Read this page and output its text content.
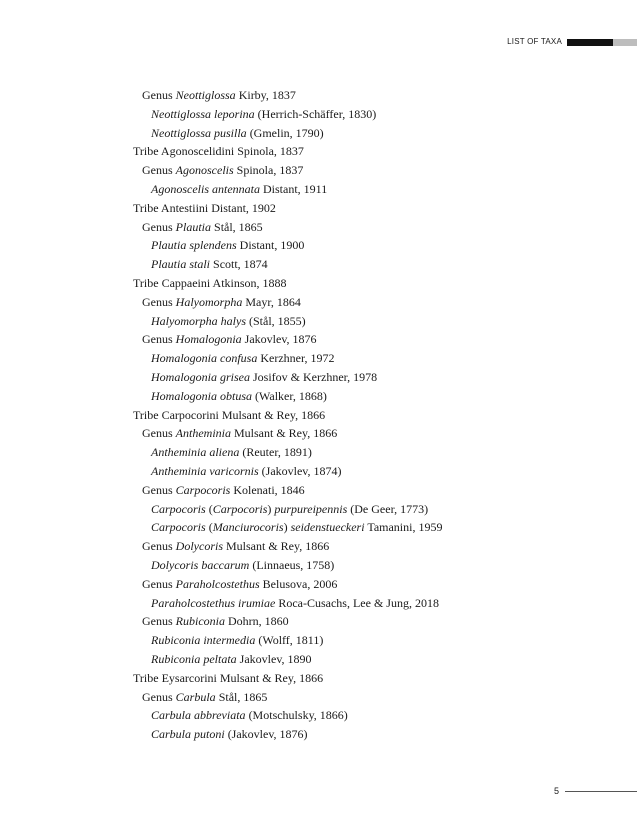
LIST OF TAXA
Genus Neottiglossa Kirby, 1837
Neottiglossa leporina (Herrich-Schäffer, 1830)
Neottiglossa pusilla (Gmelin, 1790)
Tribe Agonoscelidini Spinola, 1837
Genus Agonoscelis Spinola, 1837
Agonoscelis antennata Distant, 1911
Tribe Antestiini Distant, 1902
Genus Plautia Stål, 1865
Plautia splendens Distant, 1900
Plautia stali Scott, 1874
Tribe Cappaeini Atkinson, 1888
Genus Halyomorpha Mayr, 1864
Halyomorpha halys (Stål, 1855)
Genus Homalogonia Jakovlev, 1876
Homalogonia confusa Kerzhner, 1972
Homalogonia grisea Josifov & Kerzhner, 1978
Homalogonia obtusa (Walker, 1868)
Tribe Carpocorini Mulsant & Rey, 1866
Genus Antheminia Mulsant & Rey, 1866
Antheminia aliena (Reuter, 1891)
Antheminia varicornis (Jakovlev, 1874)
Genus Carpocoris Kolenati, 1846
Carpocoris (Carpocoris) purpureipennis (De Geer, 1773)
Carpocoris (Manciurocoris) seidenstueckeri Tamanini, 1959
Genus Dolycoris Mulsant & Rey, 1866
Dolycoris baccarum (Linnaeus, 1758)
Genus Paraholcostethus Belusova, 2006
Paraholcostethus irumiae Roca-Cusachs, Lee & Jung, 2018
Genus Rubiconia Dohrn, 1860
Rubiconia intermedia (Wolff, 1811)
Rubiconia peltata Jakovlev, 1890
Tribe Eysarcorini Mulsant & Rey, 1866
Genus Carbula Stål, 1865
Carbula abbreviata (Motschulsky, 1866)
Carbula putoni (Jakovlev, 1876)
5
